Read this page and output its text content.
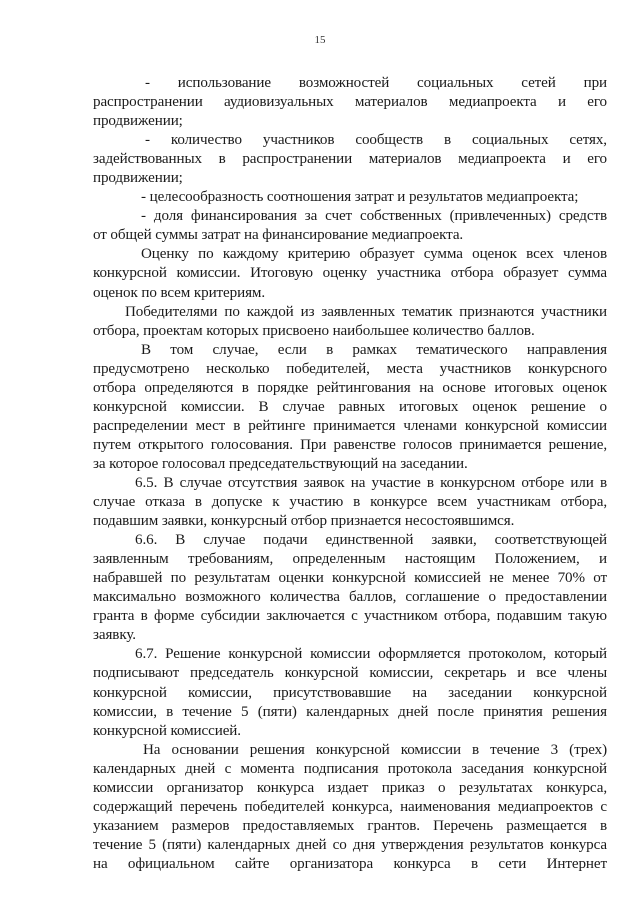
15
- использование возможностей социальных сетей при
распространении аудиовизуальных материалов медиапроекта и его
продвижении;
- количество участников сообществ в социальных сетях,
задействованных в распространении материалов медиапроекта и его
продвижении;
- целесообразность соотношения затрат и результатов медиапроекта;
- доля финансирования за счет собственных (привлеченных) средств
от общей суммы затрат на финансирование медиапроекта.
Оценку по каждому критерию образует сумма оценок всех членов
конкурсной комиссии. Итоговую оценку участника отбора образует сумма
оценок по всем критериям.
Победителями по каждой из заявленных тематик признаются участники
отбора, проектам которых присвоено наибольшее количество баллов.
В том случае, если в рамках тематического направления
предусмотрено несколько победителей, места участников конкурсного
отбора определяются в порядке рейтингования на основе итоговых оценок
конкурсной комиссии. В случае равных итоговых оценок решение о
распределении мест в рейтинге принимается членами конкурсной комиссии
путем открытого голосования. При равенстве голосов принимается решение,
за которое голосовал председательствующий на заседании.
6.5. В случае отсутствия заявок на участие в конкурсном отборе или в
случае отказа в допуске к участию в конкурсе всем участникам отбора,
подавшим заявки, конкурсный отбор признается несостоявшимся.
6.6. В случае подачи единственной заявки, соответствующей
заявленным требованиям, определенным настоящим Положением, и
набравшей по результатам оценки конкурсной комиссией не менее 70% от
максимально возможного количества баллов, соглашение о предоставлении
гранта в форме субсидии заключается с участником отбора, подавшим такую
заявку.
6.7. Решение конкурсной комиссии оформляется протоколом, который
подписывают председатель конкурсной комиссии, секретарь и все члены
конкурсной комиссии, присутствовавшие на заседании конкурсной
комиссии, в течение 5 (пяти) календарных дней после принятия решения
конкурсной комиссией.
На основании решения конкурсной комиссии в течение 3 (трех)
календарных дней с момента подписания протокола заседания конкурсной
комиссии организатор конкурса издает приказ о результатах конкурса,
содержащий перечень победителей конкурса, наименования медиапроектов с
указанием размеров предоставляемых грантов. Перечень размещается в
течение 5 (пяти) календарных дней со дня утверждения результатов конкурса
на официальном сайте организатора конкурса в сети Интернет
